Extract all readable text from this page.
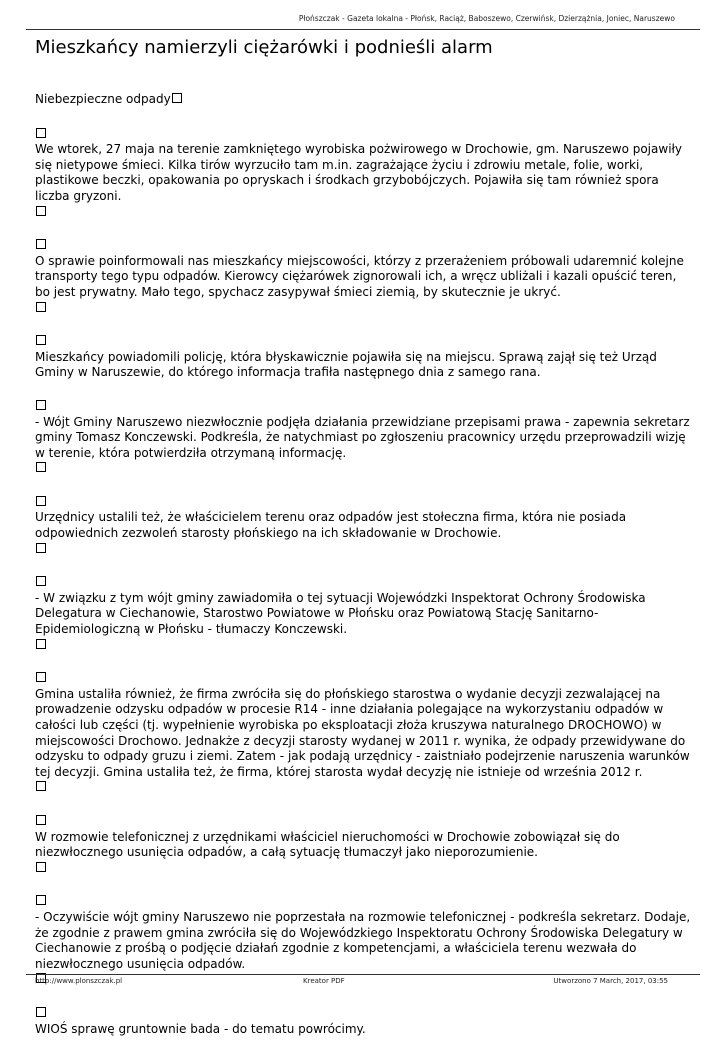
Płońszczak - Gazeta lokalna - Płońsk, Raciąż, Baboszewo, Czerwińsk, Dzierzążnia, Joniec, Naruszewo
Mieszkańcy namierzyli ciężarówki i podnieśli alarm
Niebezpieczne odpady

We wtorek, 27 maja na terenie zamkniętego wyrobiska pożwirowego w Drochowie, gm. Naruszewo pojawiły się nietypowe śmieci. Kilka tirów wyrzuciło tam m.in. zagrażające życiu i zdrowiu metale, folie, worki, plastikowe beczki, opakowania po opryskach i środkach grzybobójczych. Pojawiła się tam również spora liczba gryzoni.

O sprawie poinformowali nas mieszkańcy miejscowości, którzy z przerażeniem próbowali udaremnić kolejne transporty tego typu odpadów. Kierowcy ciężarówek zignorowali ich, a wręcz ubliżali i kazali opuścić teren, bo jest prywatny. Mało tego, spychacz zasypywał śmieci ziemią, by skutecznie je ukryć.

Mieszkańcy powiadomili policję, która błyskawicznie pojawiła się na miejscu. Sprawą zajął się też Urząd Gminy w Naruszewie, do którego informacja trafiła następnego dnia z samego rana.

- Wójt Gminy Naruszewo niezwłocznie podjęła działania przewidziane przepisami prawa - zapewnia sekretarz gminy Tomasz Konczewski. Podkreśla, że natychmiast po zgłoszeniu pracownicy urzędu przeprowadzili wizję w terenie, która potwierdziła otrzymaną informację.

Urzędnicy ustalili też, że właścicielem terenu oraz odpadów jest stołeczna firma, która nie posiada odpowiednich zezwoleń starosty płońskiego na ich składowanie w Drochowie.

- W związku z tym wójt gminy zawiadomiła o tej sytuacji Wojewódzki Inspektorat Ochrony Środowiska Delegatura w Ciechanowie, Starostwo Powiatowe w Płońsku oraz Powiatową Stację Sanitarno-Epidemiologiczną w Płońsku - tłumaczy Konczewski.

Gmina ustaliła również, że firma zwróciła się do płońskiego starostwa o wydanie decyzji zezwalającej na prowadzenie odzysku odpadów w procesie R14 - inne działania polegające na wykorzystaniu odpadów w całości lub części (tj. wypełnienie wyrobiska po eksploatacji złoża kruszywa naturalnego DROCHOWO) w miejscowości Drochowo. Jednakże z decyzji starosty wydanej w 2011 r. wynika, że odpady przewidywane do odzysku to odpady gruzu i ziemi. Zatem - jak podają urzędnicy - zaistniało podejrzenie naruszenia warunków tej decyzji. Gmina ustaliła też, że firma, której starosta wydał decyzję nie istnieje od września 2012 r.

W rozmowie telefonicznej z urzędnikami właściciel nieruchomości w Drochowie zobowiązał się do niezwłocznego usunięcia odpadów, a całą sytuację tłumaczył jako nieporozumienie.

- Oczywiście wójt gminy Naruszewo nie poprzestała na rozmowie telefonicznej - podkreśla sekretarz. Dodaje, że zgodnie z prawem gmina zwróciła się do Wojewódzkiego Inspektoratu Ochrony Środowiska Delegatury w Ciechanowie z prośbą o podjęcie działań zgodnie z kompetencjami, a właściciela terenu wezwała do niezwłocznego usunięcia odpadów.

WIOŚ sprawę gruntownie bada - do tematu powrócimy.

http://www.plonszczak.pl	Kreator PDF	Utworzono 7 March, 2017, 03:55
